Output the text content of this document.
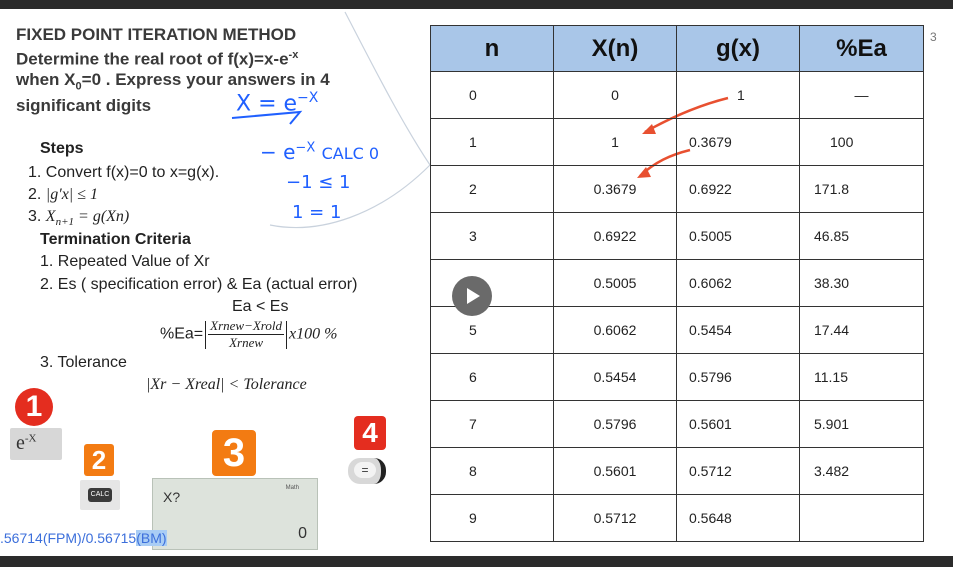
3
FIXED POINT ITERATION METHOD
Determine the real root of $f(x)=x-e^{-x}$
when $X_0=0$ . Express your answers in 4
significant digits	$X = e^{-X}$
− $e^{-X}$ CALC 0
−1 ≤ 1
1 = 1
Steps
1. Convert f(x)=0 to x=g(x).
2. |g′x| ≤ 1
3. $X_{n+1} = g(Xn)$
Termination Criteria
1. Repeated Value of Xr
2. Es ( specification error) & Ea (actual error)
Ea < Es
$\%Ea= \frac{\text{Xrnew−Xrold}}{\text{Xrnew}} x100$ %
3. Tolerance
|Xr − Xreal| < Tolerance
$e^{-X}$
1
2
CALC
3
Math
X?
0
4
=
.56714(FPM)/0.56715(BM)
n	X(n)	g(x)	%Ea
0	0	1	—
1	1	0.3679	100
2	0.3679	0.6922	171.8
3	0.6922	0.5005	46.85
	0.5005	0.6062	38.30
5	0.6062	0.5454	17.44
6	0.5454	0.5796	11.15
7	0.5796	0.5601	5.901
8	0.5601	0.5712	3.482
9	0.5712	0.5648	
